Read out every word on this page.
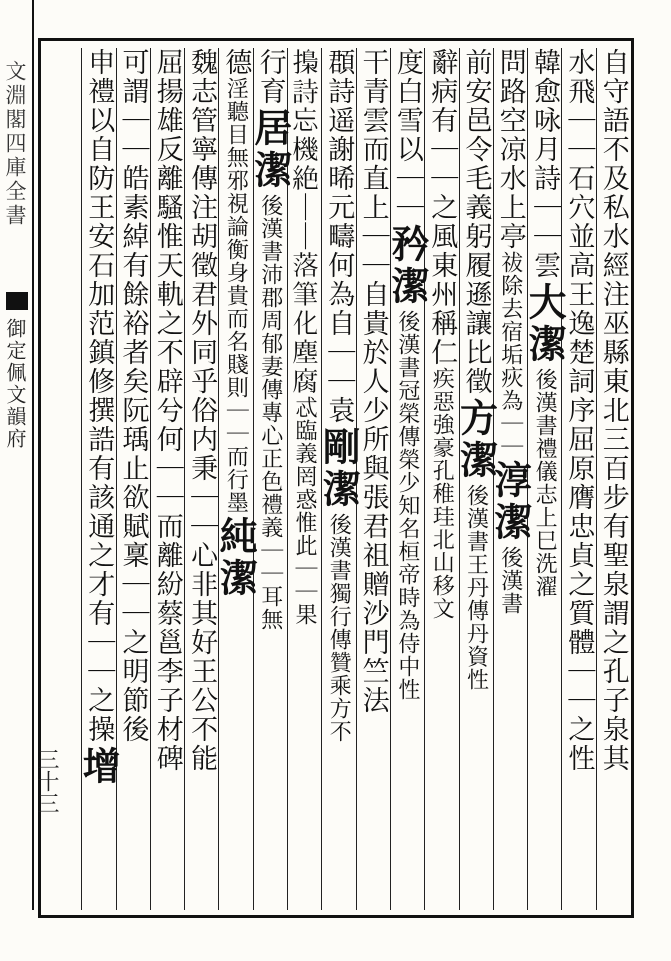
文淵閣四庫全書
御定佩文韻府
三十三
自守語不及私水經注巫縣東北三百步有聖泉謂之孔子泉其
水飛｜｜石穴並高王逸楚詞序屈原膺忠貞之質體｜｜之性
韓愈咏月詩｜｜雲大潔後漢書禮儀志上巳洗濯
問路空凉水上亭祓除去宿垢疢為｜｜淳潔後漢書
前安邑令毛義躬履遜讓比徵方潔後漢書王丹傳丹資性
辭病有｜｜之風東州稱仁疾惡強豪孔稚珪北山移文
度白雪以｜｜矜潔後漢書冠榮傳榮少知名桓帝時為侍中性
干青雲而直上｜｜自貴於人少所與張君祖贈沙門竺法
頵詩遥謝晞元疇何為自｜｜袁剛潔後漢書獨行傳贊乘方不
𢳚詩忘機絶｜｜落筆化塵腐忒臨義罔惑惟此｜｜果
行育居潔後漢書沛郡周郁妻傳專心正色禮義｜｜耳無
德淫聽目無邪視論衡身貴而名賤則｜｜而行墨純潔
魏志管寧傳注胡徵君外同乎俗内秉｜｜心非其好王公不能
屈揚雄反離騷惟天軌之不辟兮何｜｜而離紛蔡邕李子材碑
可謂｜｜皓素綽有餘裕者矣阮瑀止欲賦稟｜｜之明節後
申禮以自防王安石加范鎮修撰誥有該通之才有｜｜之操增
